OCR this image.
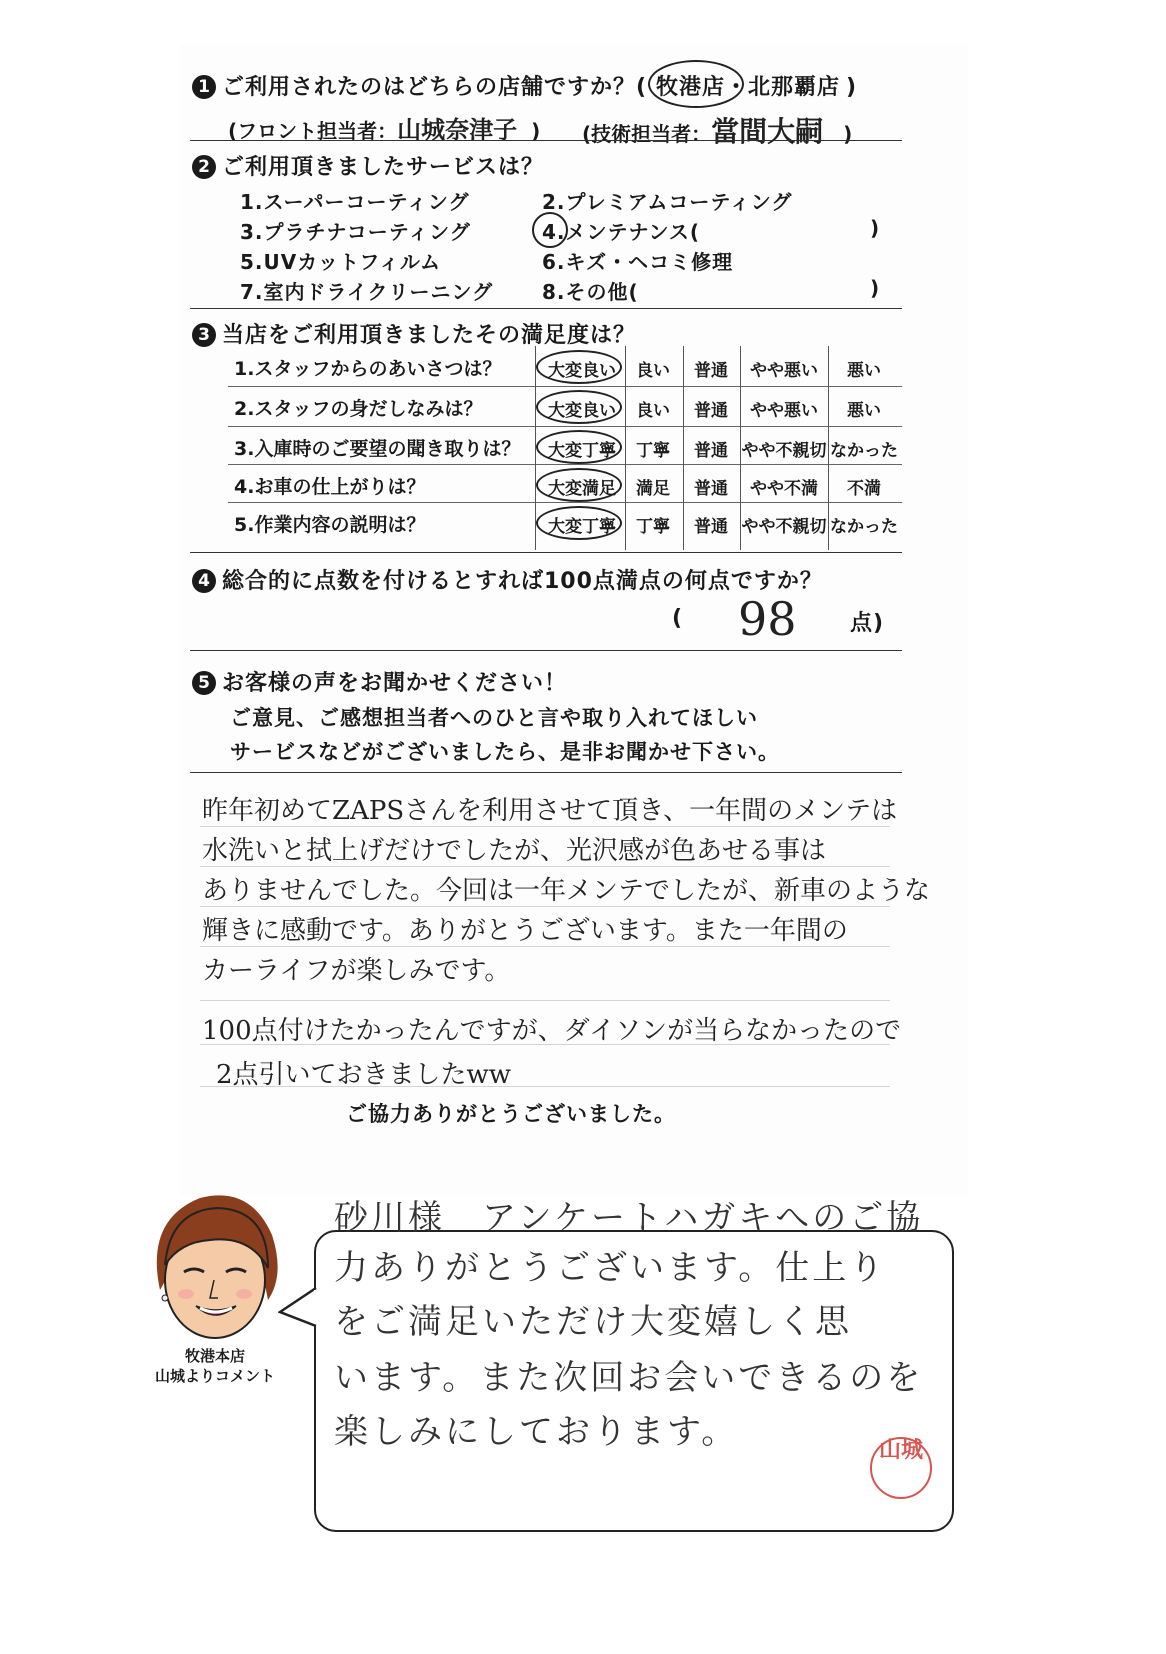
1 ご利用されたのはどちらの店舗ですか？( 牧港店・北那覇店 )
(フロント担当者：山城奈津子 ) (技術担当者：當間大嗣 )
2 ご利用頂きましたサービスは？
1.スーパーコーティング	2.プレミアムコーティング
3.プラチナコーティング	4.メンテナンス(	)
5.UVカットフィルム	6.キズ・ヘコミ修理
7.室内ドライクリーニング 8.その他(	)
3 当店をご利用頂きましたその満足度は？
1.スタッフからのあいさつは？	大変良い	良い	普通	やや悪い	悪い
2.スタッフの身だしなみは？	大変良い	良い	普通	やや悪い	悪い
3.入庫時のご要望の聞き取りは？	大変丁寧	丁寧	普通 やや不親切 なかった
4.お車の仕上がりは？	大変満足	満足	普通	やや不満	不満
5.作業内容の説明は？	大変丁寧	丁寧	普通 やや不親切 なかった
4 総合的に点数を付けるとすれば100点満点の何点ですか？
( 98 点)
5 お客様の声をお聞かせください！
ご意見、ご感想担当者へのひと言や取り入れてほしい
サービスなどがございましたら、是非お聞かせ下さい。
昨年初めてZAPSさんを利用させて頂き、一年間のメンテは
水洗いと拭上げだけでしたが、光沢感が色あせる事は
ありませんでした。今回は一年メンテでしたが、新車のような
輝きに感動です。ありがとうございます。また一年間の
カーライフが楽しみです。
100点付けたかったんですが、ダイソンが当らなかったので
2点引いておきましたww
ご協力ありがとうございました。
牧港本店
山城よりコメント
砂川様　アンケートハガキへのご協
力ありがとうございます。仕上り
をご満足いただけ大変嬉しく思
います。また次回お会いできるのを
楽しみにしております。	山城
